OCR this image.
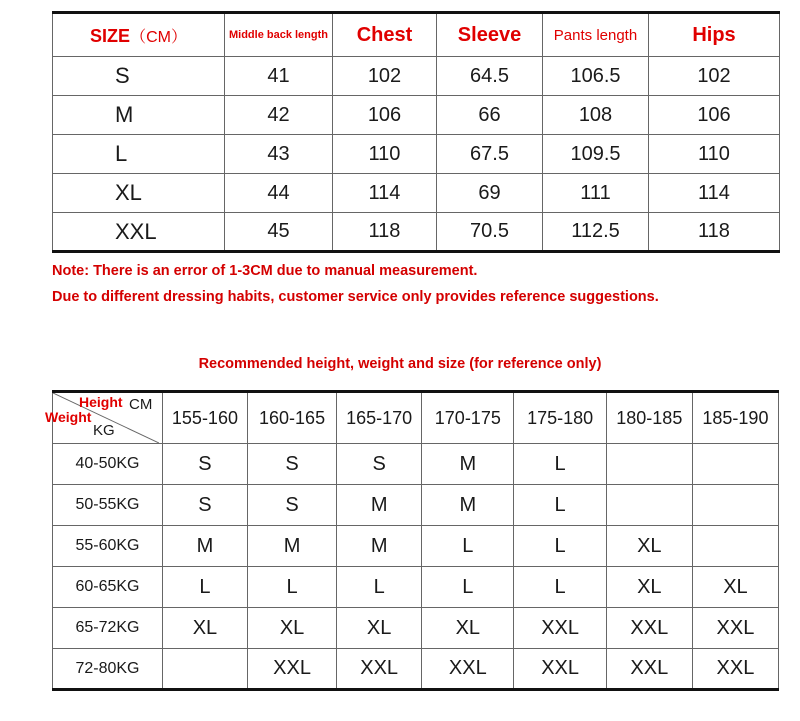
SIZE（CM）	Middle back length	Chest	Sleeve	Pants length	Hips
S	41	102	64.5	106.5	102
M	42	106	66	108	106
L	43	110	67.5	109.5	110
XL	44	114	69	111	114
XXL	45	118	70.5	112.5	118
Note: There is an error of 1-3CM due to manual measurement.
Due to different dressing habits, customer service only provides reference suggestions.
Recommended height, weight and size (for reference only)
Height CM
Weight
KG	155-160	160-165	165-170	170-175	175-180	180-185	185-190
40-50KG	S	S	S	M	L		
50-55KG	S	S	M	M	L		
55-60KG	M	M	M	L	L	XL	
60-65KG	L	L	L	L	L	XL	XL
65-72KG	XL	XL	XL	XL	XXL	XXL	XXL
72-80KG		XXL	XXL	XXL	XXL	XXL	XXL
